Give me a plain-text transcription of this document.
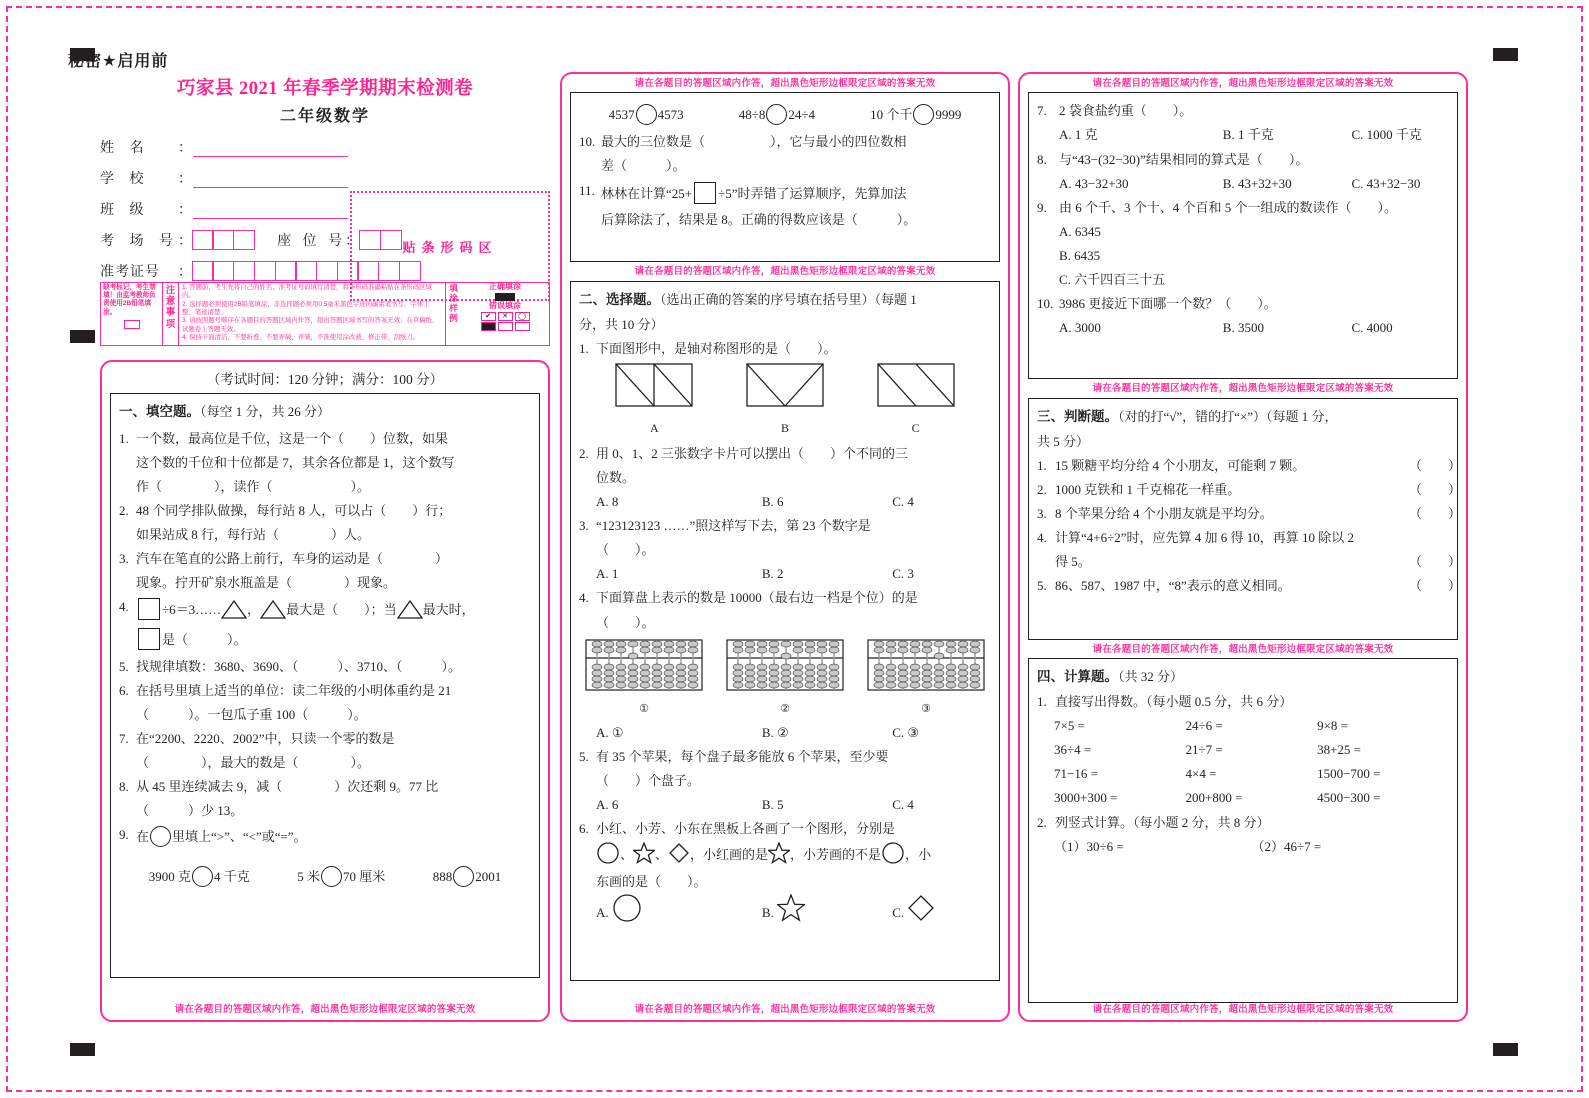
秘密★启用前
巧家县 2021 年春季学期期末检测卷
二年级数学
贴条形码区
姓 名	：
学 校	：
班 级	：
考 场 号 ：	座 位 号 ：
准考证号	：
缺考标记，考生禁填！由监考教师负责使用2B铅笔填涂。
注
意
事
项
1. 答题前，考生先将自己的姓名、准考证号码填写清楚，将条形码准确粘贴在条形码区域内。
2. 选择题必须使用2B铅笔填涂；非选择题必须用0.5毫米黑色字迹的碳素笔书写，字体工整、笔迹清楚。
3. 请按照题号顺序在各题目的答题区域内作答，超出答题区域书写的答案无效；在草稿纸、试题卷上答题无效。
4. 保持卡面清洁，不要折叠、不要弄破、弄皱，不准使用涂改液、修正带、刮纸刀。
填
涂
样
例
正确填涂
错误填涂
✔	✕	◯
（考试时间：120 分钟；满分：100 分）
一、填空题。（每空 1 分，共 26 分）
1. 一个数，最高位是千位，这是一个（　　）位数，如果
这个数的千位和十位都是 7，其余各位都是 1，这个数写
作（　　　　），读作（　　　　　　）。
2. 48 个同学排队做操，每行站 8 人，可以占（　　）行；
如果站成 8 行，每行站（　　　　）人。
3. 汽车在笔直的公路上前行，车身的运动是（　　　　）
现象。拧开矿泉水瓶盖是（　　　　）现象。
4.	÷6＝3…… ， 最大是（　　）；当 最大时，
是（　　　）。
5. 找规律填数：3680、3690、（　　　）、3710、（　　　）。
6. 在括号里填上适当的单位：读二年级的小明体重约是 21
（　　　）。一包瓜子重 100（　　　）。
7. 在“2200、2220、2002”中，只读一个零的数是
（　　　　），最大的数是（　　　　）。
8. 从 45 里连续减去 9，减（　　　　）次还剩 9。77 比
（　　　）少 13。
9. 在 里填上“>”、“<”或“=”。
3900 克 4 千克	5 米 70 厘米	888 2001
请在各题目的答题区域内作答，超出黑色矩形边框限定区域的答案无效
请在各题目的答题区域内作答，超出黑色矩形边框限定区域的答案无效
4537 4573	48÷8 24÷4	10 个千 9999
10. 最大的三位数是（　　　　　），它与最小的四位数相
差（　　　）。
11. 林林在计算“25+ ÷5”时弄错了运算顺序，先算加法
后算除法了，结果是 8。正确的得数应该是（　　　）。
请在各题目的答题区域内作答，超出黑色矩形边框限定区域的答案无效
二、选择题。（选出正确的答案的序号填在括号里）（每题 1
分，共 10 分）
1. 下面图形中，是轴对称图形的是（　　）。
A	B	C
2. 用 0、1、2 三张数字卡片可以摆出（　　）个不同的三
位数。
A. 8	B. 6	C. 4
3. “123123123 ……”照这样写下去，第 23 个数字是
（　　）。
A. 1	B. 2	C. 3
4. 下面算盘上表示的数是 10000（最右边一档是个位）的是
（　　）。
①	②	③
A. ①	B. ②	C. ③
5. 有 35 个苹果，每个盘子最多能放 6 个苹果，至少要
（　　）个盘子。
A. 6	B. 5	C. 4
6. 小红、小芳、小东在黑板上各画了一个图形，分别是
、 、 ，小红画的是 ，小芳画的不是 ，小
东画的是（　　）。
A.	B.	C.
请在各题目的答题区域内作答，超出黑色矩形边框限定区域的答案无效
请在各题目的答题区域内作答，超出黑色矩形边框限定区域的答案无效
7. 2 袋食盐约重（　　）。
A. 1 克	B. 1 千克	C. 1000 千克
8. 与“43−(32−30)”结果相同的算式是（　　）。
A. 43−32+30	B. 43+32+30	C. 43+32−30
9. 由 6 个千、3 个十、4 个百和 5 个一组成的数读作（　　）。
A. 6345
B. 6435
C. 六千四百三十五
10. 3986 更接近下面哪一个数？（　　）。
A. 3000	B. 3500	C. 4000
请在各题目的答题区域内作答，超出黑色矩形边框限定区域的答案无效
三、判断题。（对的打“√”，错的打“×”）（每题 1 分，
共 5 分）
1. 15 颗糖平均分给 4 个小朋友，可能剩 7 颗。	（　　）
2. 1000 克铁和 1 千克棉花一样重。	（　　）
3. 8 个苹果分给 4 个小朋友就是平均分。	（　　）
4. 计算“4+6÷2”时，应先算 4 加 6 得 10，再算 10 除以 2
得 5。	（　　）
5. 86、587、1987 中，“8”表示的意义相同。	（　　）
请在各题目的答题区域内作答，超出黑色矩形边框限定区域的答案无效
四、计算题。（共 32 分）
1. 直接写出得数。（每小题 0.5 分，共 6 分）
7×5 =	24÷6 =	9×8 =
36÷4 =	21÷7 =	38+25 =
71−16 =	4×4 =	1500−700 =
3000+300 =	200+800 =	4500−300 =
2. 列竖式计算。（每小题 2 分，共 8 分）
（1）30÷6 =	（2）46÷7 =
请在各题目的答题区域内作答，超出黑色矩形边框限定区域的答案无效
